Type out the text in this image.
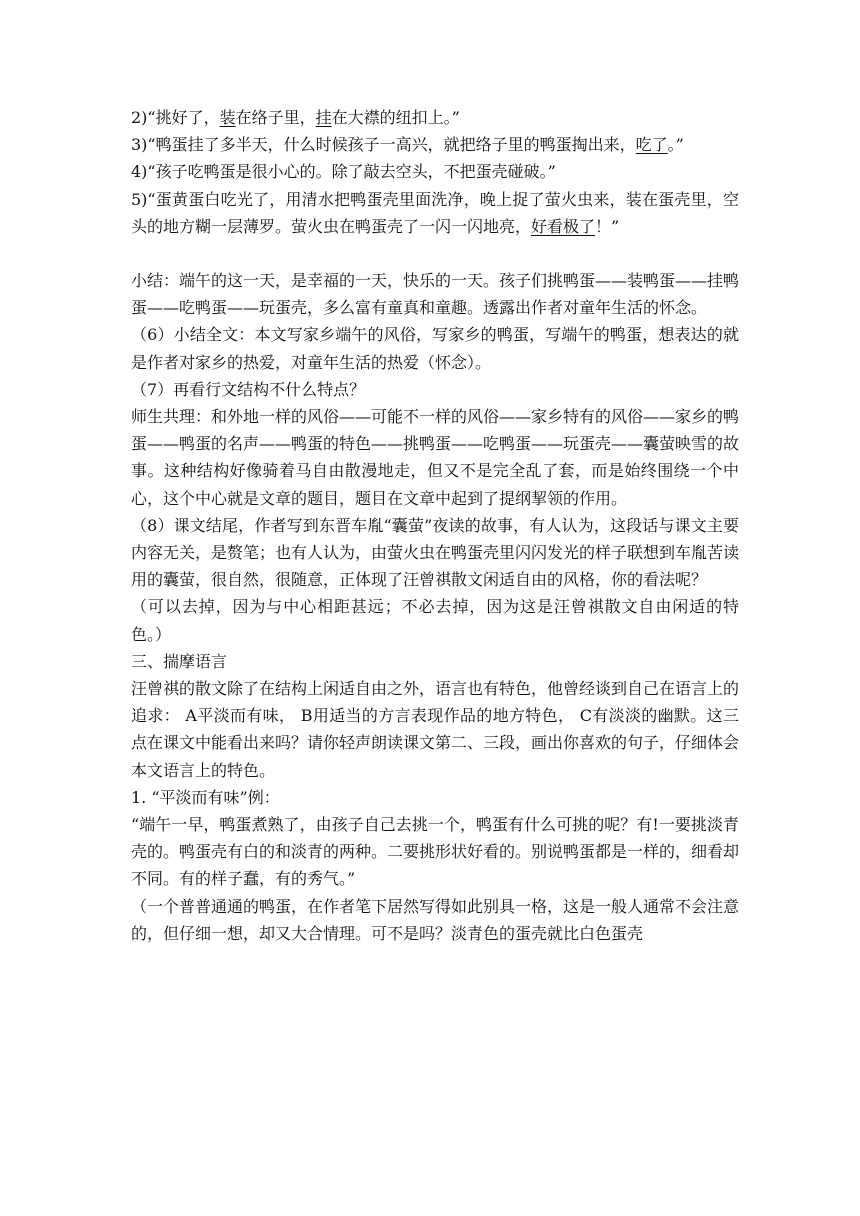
2)“挑好了，装在络子里，挂在大襟的纽扣上。”

3)“鸭蛋挂了多半天，什么时候孩子一高兴，就把络子里的鸭蛋掏出来，吃了。”

4)“孩子吃鸭蛋是很小心的。除了敲去空头，不把蛋壳碰破。”

5)“蛋黄蛋白吃光了，用清水把鸭蛋壳里面洗净，晚上捉了萤火虫来，装在蛋壳里，空头的地方糊一层薄罗。萤火虫在鸭蛋壳了一闪一闪地亮，好看极了！”

小结：端午的这一天，是幸福的一天，快乐的一天。孩子们挑鸭蛋——装鸭蛋——挂鸭蛋——吃鸭蛋——玩蛋壳，多么富有童真和童趣。透露出作者对童年生活的怀念。

（6）小结全文：本文写家乡端午的风俗，写家乡的鸭蛋，写端午的鸭蛋，想表达的就是作者对家乡的热爱，对童年生活的热爱（怀念）。

（7）再看行文结构不什么特点？

师生共理：和外地一样的风俗——可能不一样的风俗——家乡特有的风俗——家乡的鸭蛋——鸭蛋的名声——鸭蛋的特色——挑鸭蛋——吃鸭蛋——玩蛋壳——囊萤映雪的故事。这种结构好像骑着马自由散漫地走，但又不是完全乱了套，而是始终围绕一个中心，这个中心就是文章的题目，题目在文章中起到了提纲挈领的作用。

（8）课文结尾，作者写到东晋车胤“囊萤”夜读的故事，有人认为，这段话与课文主要内容无关，是赘笔；也有人认为，由萤火虫在鸭蛋壳里闪闪发光的样子联想到车胤苦读用的囊萤，很自然，很随意，正体现了汪曾祺散文闲适自由的风格，你的看法呢？

（可以去掉，因为与中心相距甚远；不必去掉，因为这是汪曾祺散文自由闲适的特色。）

三、揣摩语言

汪曾祺的散文除了在结构上闲适自由之外，语言也有特色，他曾经谈到自己在语言上的追求： A平淡而有味， B用适当的方言表现作品的地方特色， C有淡淡的幽默。这三点在课文中能看出来吗？请你轻声朗读课文第二、三段，画出你喜欢的句子，仔细体会本文语言上的特色。

1. “平淡而有味”例：

“端午一早，鸭蛋煮熟了，由孩子自己去挑一个，鸭蛋有什么可挑的呢？有!一要挑淡青壳的。鸭蛋壳有白的和淡青的两种。二要挑形状好看的。别说鸭蛋都是一样的，细看却不同。有的样子蠢，有的秀气。”

（一个普普通通的鸭蛋，在作者笔下居然写得如此别具一格，这是一般人通常不会注意的，但仔细一想，却又大合情理。可不是吗？淡青色的蛋壳就比白色蛋壳
